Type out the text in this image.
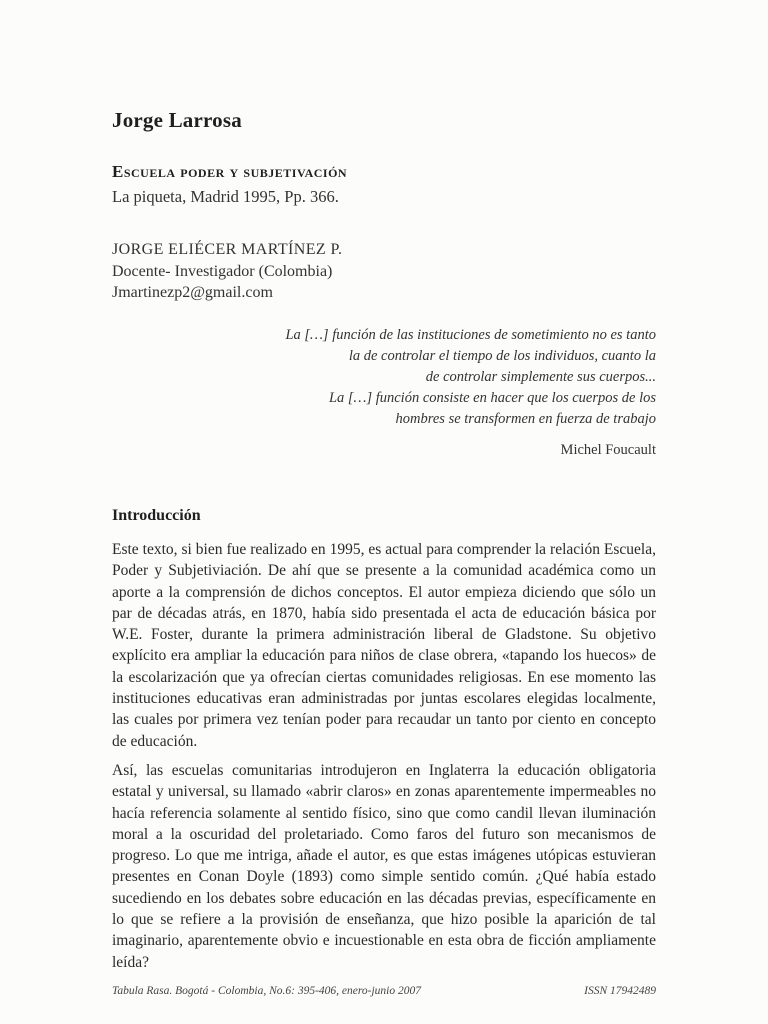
Jorge Larrosa
Escuela poder y subjetivación
La piqueta, Madrid 1995, Pp. 366.
JORGE ELIÉCER MARTÍNEZ P.
Docente- Investigador (Colombia)
Jmartinezp2@gmail.com
La […] función de las instituciones de sometimiento no es tanto
la de controlar el tiempo de los individuos, cuanto la
de controlar simplemente sus cuerpos...
La […] función consiste en hacer que los cuerpos de los
hombres se transformen en fuerza de trabajo
Michel Foucault
Introducción

Este texto, si bien fue realizado en 1995, es actual para comprender la relación Escuela, Poder y Subjetiviación. De ahí que se presente a la comunidad académica como un aporte a la comprensión de dichos conceptos. El autor empieza diciendo que sólo un par de décadas atrás, en 1870, había sido presentada el acta de educación básica por W.E. Foster, durante la primera administración liberal de Gladstone. Su objetivo explícito era ampliar la educación para niños de clase obrera, «tapando los huecos» de la escolarización que ya ofrecían ciertas comunidades religiosas. En ese momento las instituciones educativas eran administradas por juntas escolares elegidas localmente, las cuales por primera vez tenían poder para recaudar un tanto por ciento en concepto de educación.

Así, las escuelas comunitarias introdujeron en Inglaterra la educación obligatoria estatal y universal, su llamado «abrir claros» en zonas aparentemente impermeables no hacía referencia solamente al sentido físico, sino que como candil llevan iluminación moral a la oscuridad del proletariado. Como faros del futuro son mecanismos de progreso. Lo que me intriga, añade el autor, es que estas imágenes utópicas estuvieran presentes en Conan Doyle (1893) como simple sentido común. ¿Qué había estado sucediendo en los debates sobre educación en las décadas previas, específicamente en lo que se refiere a la provisión de enseñanza, que hizo posible la aparición de tal imaginario, aparentemente obvio e incuestionable en esta obra de ficción ampliamente leída?

Tabula Rasa. Bogotá - Colombia, No.6: 395-406, enero-junio 2007	ISSN 17942489
